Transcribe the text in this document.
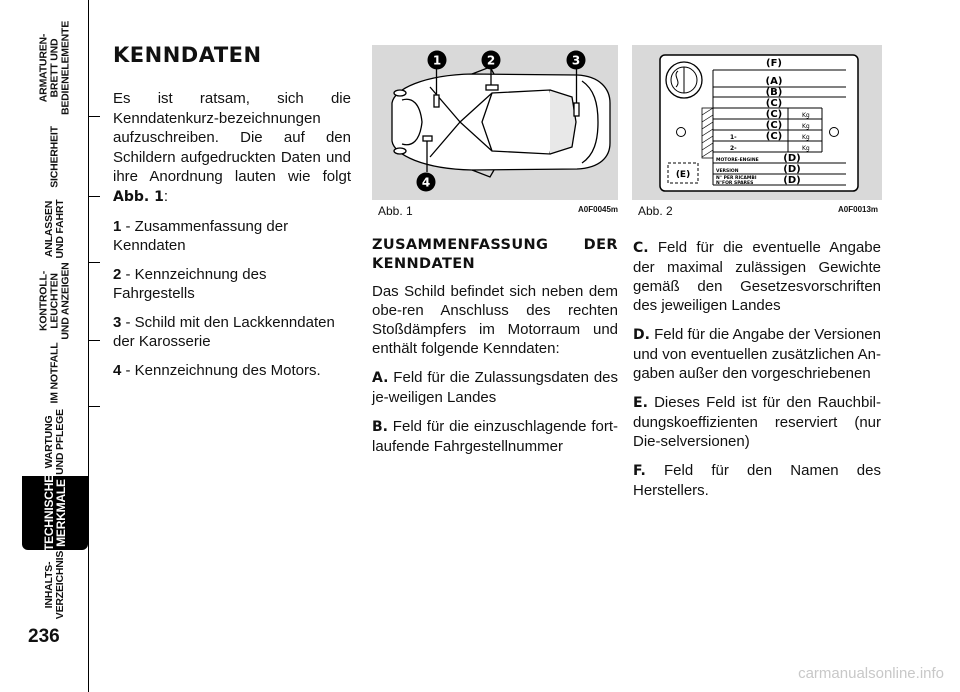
ARMATUREN- BRETT UND BEDIENELEMENTE
SICHERHEIT
ANLASSEN UND FAHRT
KONTROLL- LEUCHTEN UND ANZEIGEN
IM NOTFALL
WARTUNG UND PFLEGE
TECHNISCHE
MERKMALE
INHALTS- VERZEICHNIS
236
KENNDATEN

Es ist ratsam, sich die Kenndatenkurz-bezeichnungen aufzuschreiben. Die auf den Schildern aufgedruckten Daten und ihre Anordnung lauten wie folgt Abb. 1:

1 - Zusammenfassung der Kenndaten

2 - Kennzeichnung des Fahrgestells

3 - Schild mit den Lackkenndaten der Karosserie

4 - Kennzeichnung des Motors.

1	2	3
4
Abb. 1	A0F0045m
(F)
(A)
(B)
(C)
(C)
(C)
(C)
(D)
(D)
(D)
(E)
Kg
Kg
Kg
Kg
1-
2-
MOTORE-ENGINE
VERSION
N° PER RICAMBI
N°FOR SPARES
Abb. 2	A0F0013m
ZUSAMMENFASSUNG DER KENNDATEN

Das Schild befindet sich neben dem obe-ren Anschluss des rechten Stoßdämpfers im Motorraum und enthält folgende Kenndaten:

A. Feld für die Zulassungsdaten des je-weiligen Landes

B. Feld für die einzuschlagende fort-laufende Fahrgestellnummer

C. Feld für die eventuelle Angabe der maximal zulässigen Gewichte gemäß den Gesetzesvorschriften des jeweiligen Landes

D. Feld für die Angabe der Versionen und von eventuellen zusätzlichen An-gaben außer den vorgeschriebenen

E. Dieses Feld ist für den Rauchbil-dungskoeffizienten reserviert (nur Die-selversionen)

F. Feld für den Namen des Herstellers.

carmanualsonline.info
